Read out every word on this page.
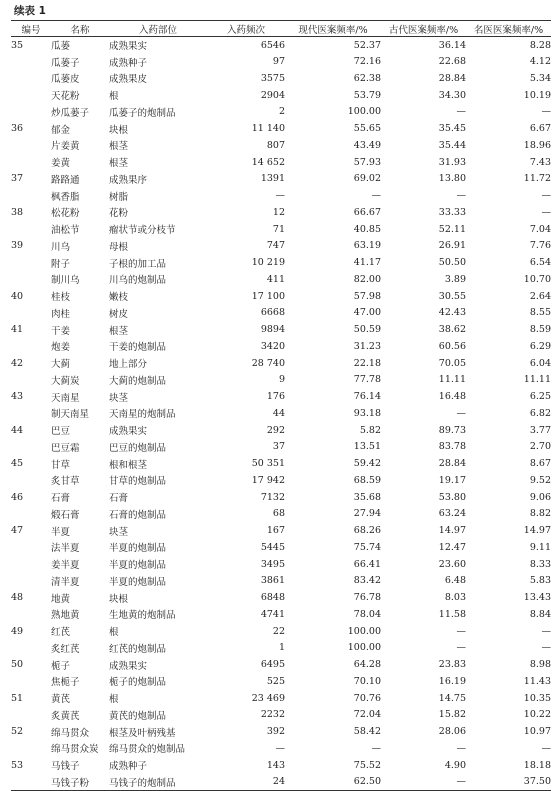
续表 1
编号	名称	入药部位	入药频次	现代医案频率/%	古代医案频率/%	名医医案频率/%
35	瓜蒌	成熟果实	6546	52.37	36.14	8.28
	瓜蒌子	成熟种子	97	72.16	22.68	4.12
	瓜蒌皮	成熟果皮	3575	62.38	28.84	5.34
	天花粉	根	2904	53.79	34.30	10.19
	炒瓜蒌子	瓜蒌子的炮制品	2	100.00	—	—
36	郁金	块根	11 140	55.65	35.45	6.67
	片姜黄	根茎	807	43.49	35.44	18.96
	姜黄	根茎	14 652	57.93	31.93	7.43
37	路路通	成熟果序	1391	69.02	13.80	11.72
	枫香脂	树脂	—	—	—	—
38	松花粉	花粉	12	66.67	33.33	—
	油松节	瘤状节或分枝节	71	40.85	52.11	7.04
39	川乌	母根	747	63.19	26.91	7.76
	附子	子根的加工品	10 219	41.17	50.50	6.54
	制川乌	川乌的炮制品	411	82.00	3.89	10.70
40	桂枝	嫩枝	17 100	57.98	30.55	2.64
	肉桂	树皮	6668	47.00	42.43	8.55
41	干姜	根茎	9894	50.59	38.62	8.59
	炮姜	干姜的炮制品	3420	31.23	60.56	6.29
42	大蓟	地上部分	28 740	22.18	70.05	6.04
	大蓟炭	大蓟的炮制品	9	77.78	11.11	11.11
43	天南星	块茎	176	76.14	16.48	6.25
	制天南星	天南星的炮制品	44	93.18	—	6.82
44	巴豆	成熟果实	292	5.82	89.73	3.77
	巴豆霜	巴豆的炮制品	37	13.51	83.78	2.70
45	甘草	根和根茎	50 351	59.42	28.84	8.67
	炙甘草	甘草的炮制品	17 942	68.59	19.17	9.52
46	石膏	石膏	7132	35.68	53.80	9.06
	煅石膏	石膏的炮制品	68	27.94	63.24	8.82
47	半夏	块茎	167	68.26	14.97	14.97
	法半夏	半夏的炮制品	5445	75.74	12.47	9.11
	姜半夏	半夏的炮制品	3495	66.41	23.60	8.33
	清半夏	半夏的炮制品	3861	83.42	6.48	5.83
48	地黄	块根	6848	76.78	8.03	13.43
	熟地黄	生地黄的炮制品	4741	78.04	11.58	8.84
49	红芪	根	22	100.00	—	—
	炙红芪	红芪的炮制品	1	100.00	—	—
50	栀子	成熟果实	6495	64.28	23.83	8.98
	焦栀子	栀子的炮制品	525	70.10	16.19	11.43
51	黄芪	根	23 469	70.76	14.75	10.35
	炙黄芪	黄芪的炮制品	2232	72.04	15.82	10.22
52	绵马贯众	根茎及叶柄残基	392	58.42	28.06	10.97
	绵马贯众炭	绵马贯众的炮制品	—	—	—	—
53	马钱子	成熟种子	143	75.52	4.90	18.18
	马钱子粉	马钱子的炮制品	24	62.50	—	37.50
